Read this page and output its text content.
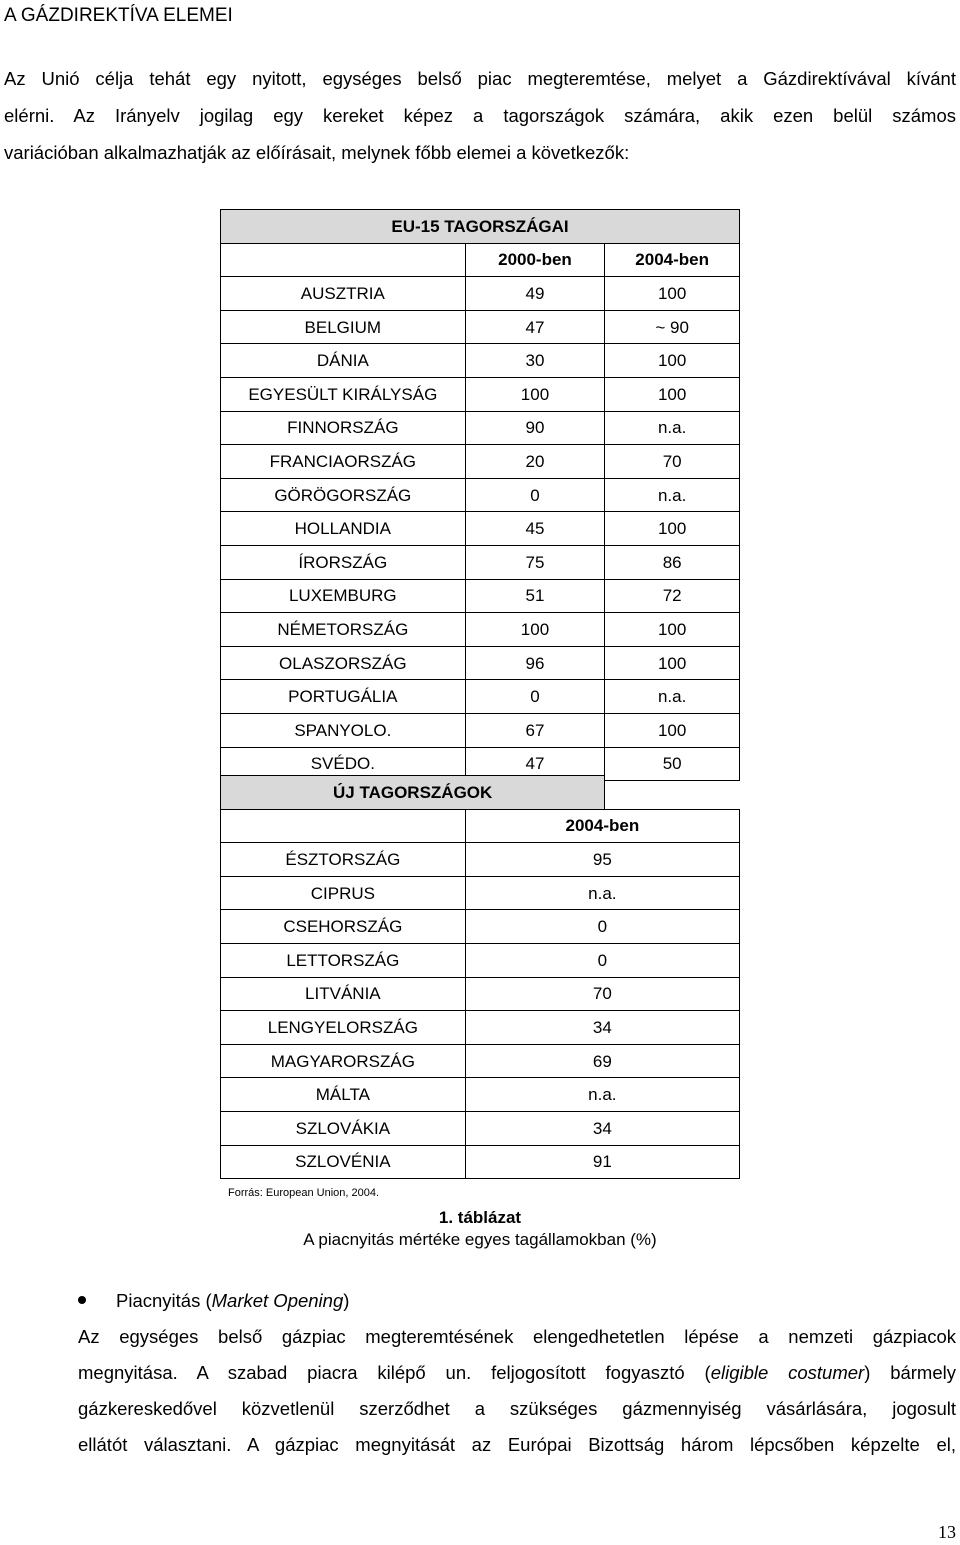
A GÁZDIREKTÍVA ELEMEI
Az Unió célja tehát egy nyitott, egységes belső piac megteremtése, melyet a Gázdirektívával kívánt
elérni. Az Irányelv jogilag egy kereket képez a tagországok számára, akik ezen belül számos
variációban alkalmazhatják az előírásait, melynek főbb elemei a következők:
EU-15 TAGORSZÁGAI		
	2000-ben	2004-ben
AUSZTRIA	49	100
BELGIUM	47	~ 90
DÁNIA	30	100
EGYESÜLT KIRÁLYSÁG	100	100
FINNORSZÁG	90	n.a.
FRANCIAORSZÁG	20	70
GÖRÖGORSZÁG	0	n.a.
HOLLANDIA	45	100
ÍRORSZÁG	75	86
LUXEMBURG	51	72
NÉMETORSZÁG	100	100
OLASZORSZÁG	96	100
PORTUGÁLIA	0	n.a.
SPANYOLO.	67	100
SVÉDO.	47	50
ÚJ TAGORSZÁGOK		
	2004-ben	
ÉSZTORSZÁG	95	
CIPRUS	n.a.	
CSEHORSZÁG	0	
LETTORSZÁG	0	
LITVÁNIA	70	
LENGYELORSZÁG	34	
MAGYARORSZÁG	69	
MÁLTA	n.a.	
SZLOVÁKIA	34	
SZLOVÉNIA	91	
Forrás: European Union, 2004.
1. táblázat
A piacnyitás mértéke egyes tagállamokban (%)
Piacnyitás (Market Opening)
Az egységes belső gázpiac megteremtésének elengedhetetlen lépése a nemzeti gázpiacok
megnyitása. A szabad piacra kilépő un. feljogosított fogyasztó (eligible costumer) bármely
gázkereskedővel közvetlenül szerződhet a szükséges gázmennyiség vásárlására, jogosult
ellátót választani. A gázpiac megnyitását az Európai Bizottság három lépcsőben képzelte el,
13
